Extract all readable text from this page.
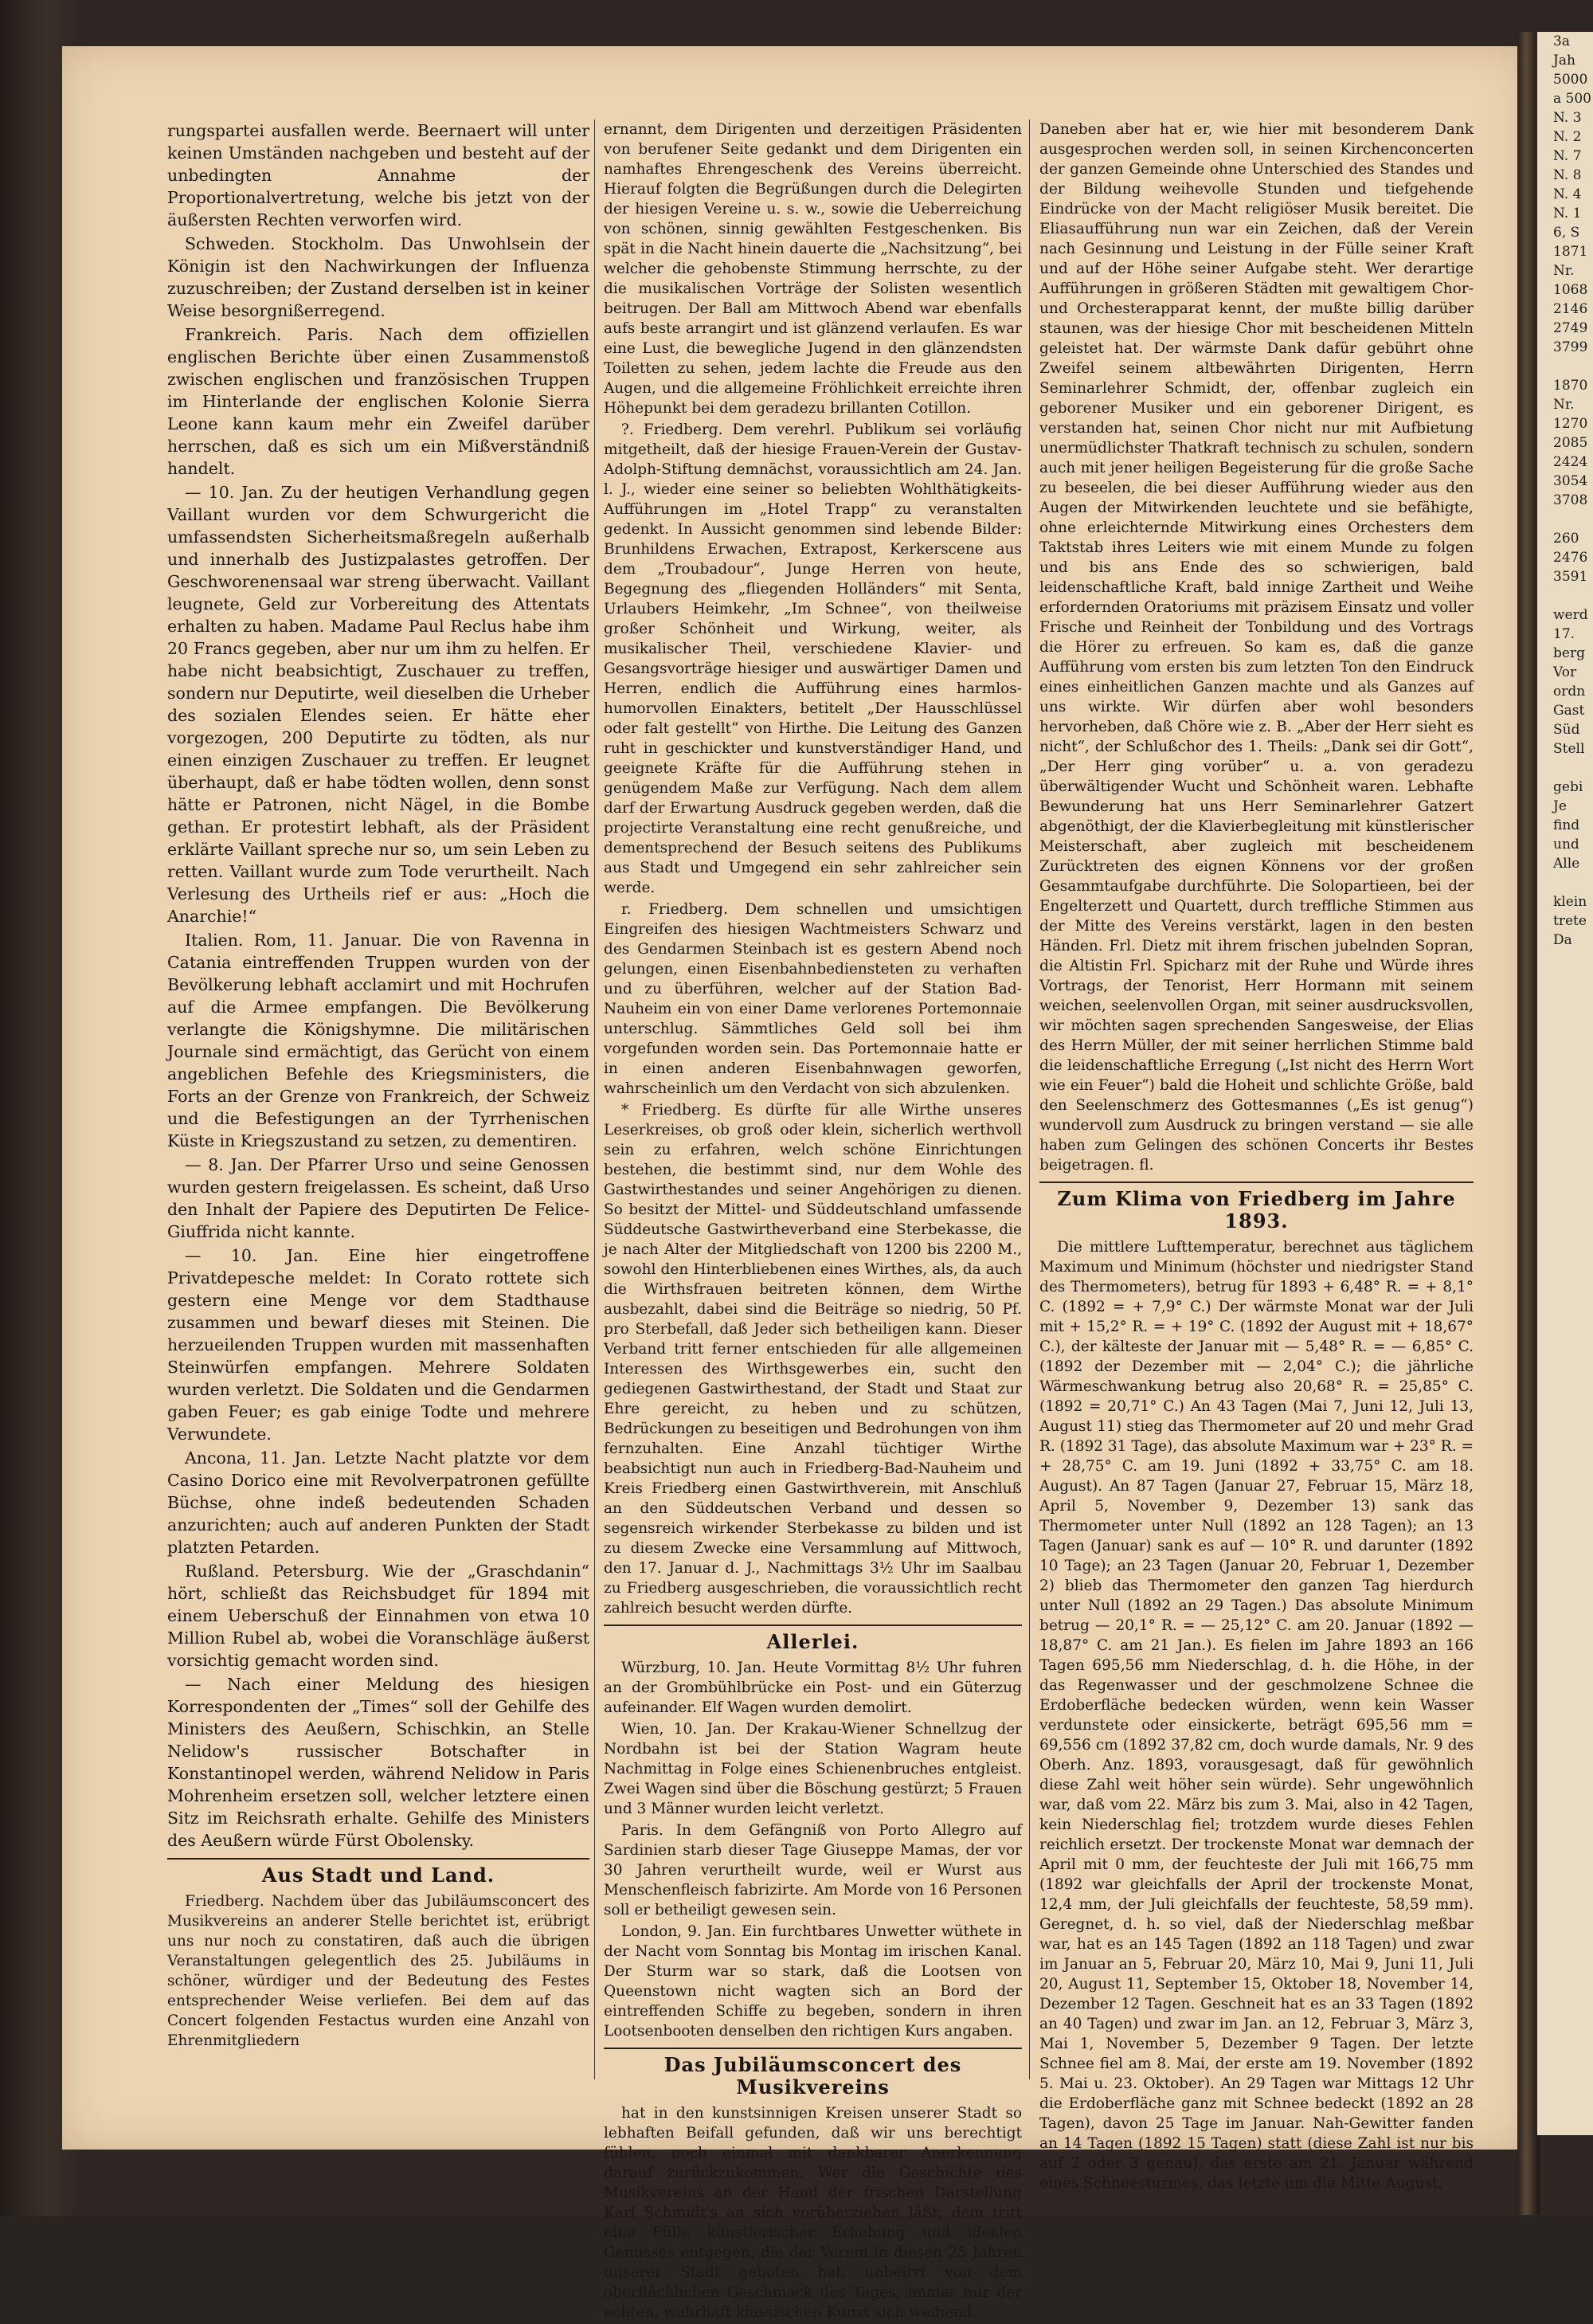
3a
Jah
5000
a 500
N. 3
N. 2
N. 7
N. 8
N. 4
N. 1
6, S
1871
Nr.
1068
2146
2749
3799

1870
Nr.
1270
2085
2424
3054
3708

260
2476
3591

werd
17.
berg
Vor
ordn
Gast
Süd
Stell

gebi
Je
find
und
Alle

klein
trete
Da

rungspartei ausfallen werde. Beernaert will unter keinen Umständen nachgeben und besteht auf der unbedingten Annahme der Proportionalvertretung, welche bis jetzt von der äußersten Rechten verworfen wird.

Schweden. Stockholm. Das Unwohlsein der Königin ist den Nachwirkungen der Influenza zuzuschreiben; der Zustand derselben ist in keiner Weise besorgnißerregend.

Frankreich. Paris. Nach dem offiziellen englischen Berichte über einen Zusammenstoß zwischen englischen und französischen Truppen im Hinterlande der englischen Kolonie Sierra Leone kann kaum mehr ein Zweifel darüber herrschen, daß es sich um ein Mißverständniß handelt.

— 10. Jan. Zu der heutigen Verhandlung gegen Vaillant wurden vor dem Schwurgericht die umfassendsten Sicherheitsmaßregeln außerhalb und innerhalb des Justizpalastes getroffen. Der Geschworenensaal war streng überwacht. Vaillant leugnete, Geld zur Vorbereitung des Attentats erhalten zu haben. Madame Paul Reclus habe ihm 20 Francs gegeben, aber nur um ihm zu helfen. Er habe nicht beabsichtigt, Zuschauer zu treffen, sondern nur Deputirte, weil dieselben die Urheber des sozialen Elendes seien. Er hätte eher vorgezogen, 200 Deputirte zu tödten, als nur einen einzigen Zuschauer zu treffen. Er leugnet überhaupt, daß er habe tödten wollen, denn sonst hätte er Patronen, nicht Nägel, in die Bombe gethan. Er protestirt lebhaft, als der Präsident erklärte Vaillant spreche nur so, um sein Leben zu retten. Vaillant wurde zum Tode verurtheilt. Nach Verlesung des Urtheils rief er aus: „Hoch die Anarchie!“

Italien. Rom, 11. Januar. Die von Ravenna in Catania eintreffenden Truppen wurden von der Bevölkerung lebhaft acclamirt und mit Hochrufen auf die Armee empfangen. Die Bevölkerung verlangte die Königshymne. Die militärischen Journale sind ermächtigt, das Gerücht von einem angeblichen Befehle des Kriegsministers, die Forts an der Grenze von Frankreich, der Schweiz und die Befestigungen an der Tyrrhenischen Küste in Kriegszustand zu setzen, zu dementiren.

— 8. Jan. Der Pfarrer Urso und seine Genossen wurden gestern freigelassen. Es scheint, daß Urso den Inhalt der Papiere des Deputirten De Felice-Giuffrida nicht kannte.

— 10. Jan. Eine hier eingetroffene Privatdepesche meldet: In Corato rottete sich gestern eine Menge vor dem Stadthause zusammen und bewarf dieses mit Steinen. Die herzueilenden Truppen wurden mit massenhaften Steinwürfen empfangen. Mehrere Soldaten wurden verletzt. Die Soldaten und die Gendarmen gaben Feuer; es gab einige Todte und mehrere Verwundete.

Ancona, 11. Jan. Letzte Nacht platzte vor dem Casino Dorico eine mit Revolverpatronen gefüllte Büchse, ohne indeß bedeutenden Schaden anzurichten; auch auf anderen Punkten der Stadt platzten Petarden.

Rußland. Petersburg. Wie der „Graschdanin“ hört, schließt das Reichsbudget für 1894 mit einem Ueberschuß der Einnahmen von etwa 10 Million Rubel ab, wobei die Voranschläge äußerst vorsichtig gemacht worden sind.

— Nach einer Meldung des hiesigen Korrespondenten der „Times“ soll der Gehilfe des Ministers des Aeußern, Schischkin, an Stelle Nelidow's russischer Botschafter in Konstantinopel werden, während Nelidow in Paris Mohrenheim ersetzen soll, welcher letztere einen Sitz im Reichsrath erhalte. Gehilfe des Ministers des Aeußern würde Fürst Obolensky.

Aus Stadt und Land.

Friedberg. Nachdem über das Jubiläumsconcert des Musikvereins an anderer Stelle berichtet ist, erübrigt uns nur noch zu constatiren, daß auch die übrigen Veranstaltungen gelegentlich des 25. Jubiläums in schöner, würdiger und der Bedeutung des Festes entsprechender Weise verliefen. Bei dem auf das Concert folgenden Festactus wurden eine Anzahl von Ehrenmitgliedern

ernannt, dem Dirigenten und derzeitigen Präsidenten von berufener Seite gedankt und dem Dirigenten ein namhaftes Ehrengeschenk des Vereins überreicht. Hierauf folgten die Begrüßungen durch die Delegirten der hiesigen Vereine u. s. w., sowie die Ueberreichung von schönen, sinnig gewählten Festgeschenken. Bis spät in die Nacht hinein dauerte die „Nachsitzung“, bei welcher die gehobenste Stimmung herrschte, zu der die musikalischen Vorträge der Solisten wesentlich beitrugen. Der Ball am Mittwoch Abend war ebenfalls aufs beste arrangirt und ist glänzend verlaufen. Es war eine Lust, die bewegliche Jugend in den glänzendsten Toiletten zu sehen, jedem lachte die Freude aus den Augen, und die allgemeine Fröhlichkeit erreichte ihren Höhepunkt bei dem geradezu brillanten Cotillon.

?. Friedberg. Dem verehrl. Publikum sei vorläufig mitgetheilt, daß der hiesige Frauen-Verein der Gustav-Adolph-Stiftung demnächst, voraussichtlich am 24. Jan. l. J., wieder eine seiner so beliebten Wohlthätigkeits-Aufführungen im „Hotel Trapp“ zu veranstalten gedenkt. In Aussicht genommen sind lebende Bilder: Brunhildens Erwachen, Extrapost, Kerkerscene aus dem „Troubadour“, Junge Herren von heute, Begegnung des „fliegenden Holländers“ mit Senta, Urlaubers Heimkehr, „Im Schnee“, von theilweise großer Schönheit und Wirkung, weiter, als musikalischer Theil, verschiedene Klavier- und Gesangsvorträge hiesiger und auswärtiger Damen und Herren, endlich die Aufführung eines harmlos-humorvollen Einakters, betitelt „Der Hausschlüssel oder falt gestellt“ von Hirthe. Die Leitung des Ganzen ruht in geschickter und kunstverständiger Hand, und geeignete Kräfte für die Aufführung stehen in genügendem Maße zur Verfügung. Nach dem allem darf der Erwartung Ausdruck gegeben werden, daß die projectirte Veranstaltung eine recht genußreiche, und dementsprechend der Besuch seitens des Publikums aus Stadt und Umgegend ein sehr zahlreicher sein werde.

r. Friedberg. Dem schnellen und umsichtigen Eingreifen des hiesigen Wachtmeisters Schwarz und des Gendarmen Steinbach ist es gestern Abend noch gelungen, einen Eisenbahnbediensteten zu verhaften und zu überführen, welcher auf der Station Bad-Nauheim ein von einer Dame verlorenes Portemonnaie unterschlug. Sämmtliches Geld soll bei ihm vorgefunden worden sein. Das Portemonnaie hatte er in einen anderen Eisenbahnwagen geworfen, wahrscheinlich um den Verdacht von sich abzulenken.

* Friedberg. Es dürfte für alle Wirthe unseres Leserkreises, ob groß oder klein, sicherlich werthvoll sein zu erfahren, welch schöne Einrichtungen bestehen, die bestimmt sind, nur dem Wohle des Gastwirthestandes und seiner Angehörigen zu dienen. So besitzt der Mittel- und Süddeutschland umfassende Süddeutsche Gastwirtheverband eine Sterbekasse, die je nach Alter der Mitgliedschaft von 1200 bis 2200 M., sowohl den Hinterbliebenen eines Wirthes, als, da auch die Wirthsfrauen beitreten können, dem Wirthe ausbezahlt, dabei sind die Beiträge so niedrig, 50 Pf. pro Sterbefall, daß Jeder sich betheiligen kann. Dieser Verband tritt ferner entschieden für alle allgemeinen Interessen des Wirthsgewerbes ein, sucht den gediegenen Gastwirthestand, der Stadt und Staat zur Ehre gereicht, zu heben und zu schützen, Bedrückungen zu beseitigen und Bedrohungen von ihm fernzuhalten. Eine Anzahl tüchtiger Wirthe beabsichtigt nun auch in Friedberg-Bad-Nauheim und Kreis Friedberg einen Gastwirthverein, mit Anschluß an den Süddeutschen Verband und dessen so segensreich wirkender Sterbekasse zu bilden und ist zu diesem Zwecke eine Versammlung auf Mittwoch, den 17. Januar d. J., Nachmittags 3½ Uhr im Saalbau zu Friedberg ausgeschrieben, die voraussichtlich recht zahlreich besucht werden dürfte.

Allerlei.

Würzburg, 10. Jan. Heute Vormittag 8½ Uhr fuhren an der Grombühlbrücke ein Post- und ein Güterzug aufeinander. Elf Wagen wurden demolirt.

Wien, 10. Jan. Der Krakau-Wiener Schnellzug der Nordbahn ist bei der Station Wagram heute Nachmittag in Folge eines Schienenbruches entgleist. Zwei Wagen sind über die Böschung gestürzt; 5 Frauen und 3 Männer wurden leicht verletzt.

Paris. In dem Gefängniß von Porto Allegro auf Sardinien starb dieser Tage Giuseppe Mamas, der vor 30 Jahren verurtheilt wurde, weil er Wurst aus Menschenfleisch fabrizirte. Am Morde von 16 Personen soll er betheiligt gewesen sein.

London, 9. Jan. Ein furchtbares Unwetter wüthete in der Nacht vom Sonntag bis Montag im irischen Kanal. Der Sturm war so stark, daß die Lootsen von Queenstown nicht wagten sich an Bord der eintreffenden Schiffe zu begeben, sondern in ihren Lootsenbooten denselben den richtigen Kurs angaben.

Das Jubiläumsconcert des Musikvereins

hat in den kunstsinnigen Kreisen unserer Stadt so lebhaften Beifall gefunden, daß wir uns berechtigt fühlen, noch einmal mit dankbarer Anerkennung darauf zurückzukommen. Wer die Geschichte des Musikvereins an der Hand der frischen Darstellung Karl Schmidt's an sich vorüberziehen läßt, dem tritt eine Fülle künstlerischer Erhebung und idealen Genusses entgegen, die der Verein in diesen 25 Jahren unserer Stadt geboten hat, unbeirrt von dem oberflächlichen Geschmack des Tages, immer nur der echten, wahrhaft klassischen Kunst sich weihend.

Daneben aber hat er, wie hier mit besonderem Dank ausgesprochen werden soll, in seinen Kirchenconcerten der ganzen Gemeinde ohne Unterschied des Standes und der Bildung weihevolle Stunden und tiefgehende Eindrücke von der Macht religiöser Musik bereitet. Die Eliasaufführung nun war ein Zeichen, daß der Verein nach Gesinnung und Leistung in der Fülle seiner Kraft und auf der Höhe seiner Aufgabe steht. Wer derartige Aufführungen in größeren Städten mit gewaltigem Chor- und Orchesterapparat kennt, der mußte billig darüber staunen, was der hiesige Chor mit bescheidenen Mitteln geleistet hat. Der wärmste Dank dafür gebührt ohne Zweifel seinem altbewährten Dirigenten, Herrn Seminarlehrer Schmidt, der, offenbar zugleich ein geborener Musiker und ein geborener Dirigent, es verstanden hat, seinen Chor nicht nur mit Aufbietung unermüdlichster Thatkraft technisch zu schulen, sondern auch mit jener heiligen Begeisterung für die große Sache zu beseelen, die bei dieser Aufführung wieder aus den Augen der Mitwirkenden leuchtete und sie befähigte, ohne erleichternde Mitwirkung eines Orchesters dem Taktstab ihres Leiters wie mit einem Munde zu folgen und bis ans Ende des so schwierigen, bald leidenschaftliche Kraft, bald innige Zartheit und Weihe erfordernden Oratoriums mit präzisem Einsatz und voller Frische und Reinheit der Tonbildung und des Vortrags die Hörer zu erfreuen. So kam es, daß die ganze Aufführung vom ersten bis zum letzten Ton den Eindruck eines einheitlichen Ganzen machte und als Ganzes auf uns wirkte. Wir dürfen aber wohl besonders hervorheben, daß Chöre wie z. B. „Aber der Herr sieht es nicht“, der Schlußchor des 1. Theils: „Dank sei dir Gott“, „Der Herr ging vorüber“ u. a. von geradezu überwältigender Wucht und Schönheit waren. Lebhafte Bewunderung hat uns Herr Seminarlehrer Gatzert abgenöthigt, der die Klavierbegleitung mit künstlerischer Meisterschaft, aber zugleich mit bescheidenem Zurücktreten des eignen Könnens vor der großen Gesammtaufgabe durchführte. Die Solopartieen, bei der Engelterzett und Quartett, durch treffliche Stimmen aus der Mitte des Vereins verstärkt, lagen in den besten Händen. Frl. Dietz mit ihrem frischen jubelnden Sopran, die Altistin Frl. Spicharz mit der Ruhe und Würde ihres Vortrags, der Tenorist, Herr Hormann mit seinem weichen, seelenvollen Organ, mit seiner ausdrucksvollen, wir möchten sagen sprechenden Sangesweise, der Elias des Herrn Müller, der mit seiner herrlichen Stimme bald die leidenschaftliche Erregung („Ist nicht des Herrn Wort wie ein Feuer“) bald die Hoheit und schlichte Größe, bald den Seelenschmerz des Gottesmannes („Es ist genug“) wundervoll zum Ausdruck zu bringen verstand — sie alle haben zum Gelingen des schönen Concerts ihr Bestes beigetragen. fl.

Zum Klima von Friedberg im Jahre 1893.

Die mittlere Lufttemperatur, berechnet aus täglichem Maximum und Minimum (höchster und niedrigster Stand des Thermometers), betrug für 1893 + 6,48° R. = + 8,1° C. (1892 = + 7,9° C.) Der wärmste Monat war der Juli mit + 15,2° R. = + 19° C. (1892 der August mit + 18,67° C.), der kälteste der Januar mit — 5,48° R. = — 6,85° C. (1892 der Dezember mit — 2,04° C.); die jährliche Wärmeschwankung betrug also 20,68° R. = 25,85° C. (1892 = 20,71° C.) An 43 Tagen (Mai 7, Juni 12, Juli 13, August 11) stieg das Thermometer auf 20 und mehr Grad R. (1892 31 Tage), das absolute Maximum war + 23° R. = + 28,75° C. am 19. Juni (1892 + 33,75° C. am 18. August). An 87 Tagen (Januar 27, Februar 15, März 18, April 5, November 9, Dezember 13) sank das Thermometer unter Null (1892 an 128 Tagen); an 13 Tagen (Januar) sank es auf — 10° R. und darunter (1892 10 Tage); an 23 Tagen (Januar 20, Februar 1, Dezember 2) blieb das Thermometer den ganzen Tag hierdurch unter Null (1892 an 29 Tagen.) Das absolute Minimum betrug — 20,1° R. = — 25,12° C. am 20. Januar (1892 — 18,87° C. am 21 Jan.). Es fielen im Jahre 1893 an 166 Tagen 695,56 mm Niederschlag, d. h. die Höhe, in der das Regenwasser und der geschmolzene Schnee die Erdoberfläche bedecken würden, wenn kein Wasser verdunstete oder einsickerte, beträgt 695,56 mm = 69,556 cm (1892 37,82 cm, doch wurde damals, Nr. 9 des Oberh. Anz. 1893, vorausgesagt, daß für gewöhnlich diese Zahl weit höher sein würde). Sehr ungewöhnlich war, daß vom 22. März bis zum 3. Mai, also in 42 Tagen, kein Niederschlag fiel; trotzdem wurde dieses Fehlen reichlich ersetzt. Der trockenste Monat war demnach der April mit 0 mm, der feuchteste der Juli mit 166,75 mm (1892 war gleichfalls der April der trockenste Monat, 12,4 mm, der Juli gleichfalls der feuchteste, 58,59 mm). Geregnet, d. h. so viel, daß der Niederschlag meßbar war, hat es an 145 Tagen (1892 an 118 Tagen) und zwar im Januar an 5, Februar 20, März 10, Mai 9, Juni 11, Juli 20, August 11, September 15, Oktober 18, November 14, Dezember 12 Tagen. Geschneit hat es an 33 Tagen (1892 an 40 Tagen) und zwar im Jan. an 12, Februar 3, März 3, Mai 1, November 5, Dezember 9 Tagen. Der letzte Schnee fiel am 8. Mai, der erste am 19. November (1892 5. Mai u. 23. Oktober). An 29 Tagen war Mittags 12 Uhr die Erdoberfläche ganz mit Schnee bedeckt (1892 an 28 Tagen), davon 25 Tage im Januar. Nah-Gewitter fanden an 14 Tagen (1892 15 Tagen) statt (diese Zahl ist nur bis auf 2 oder 3 genau), das erste am 21. Januar während eines Schneesturmes, das letzte um die Mitte August.
